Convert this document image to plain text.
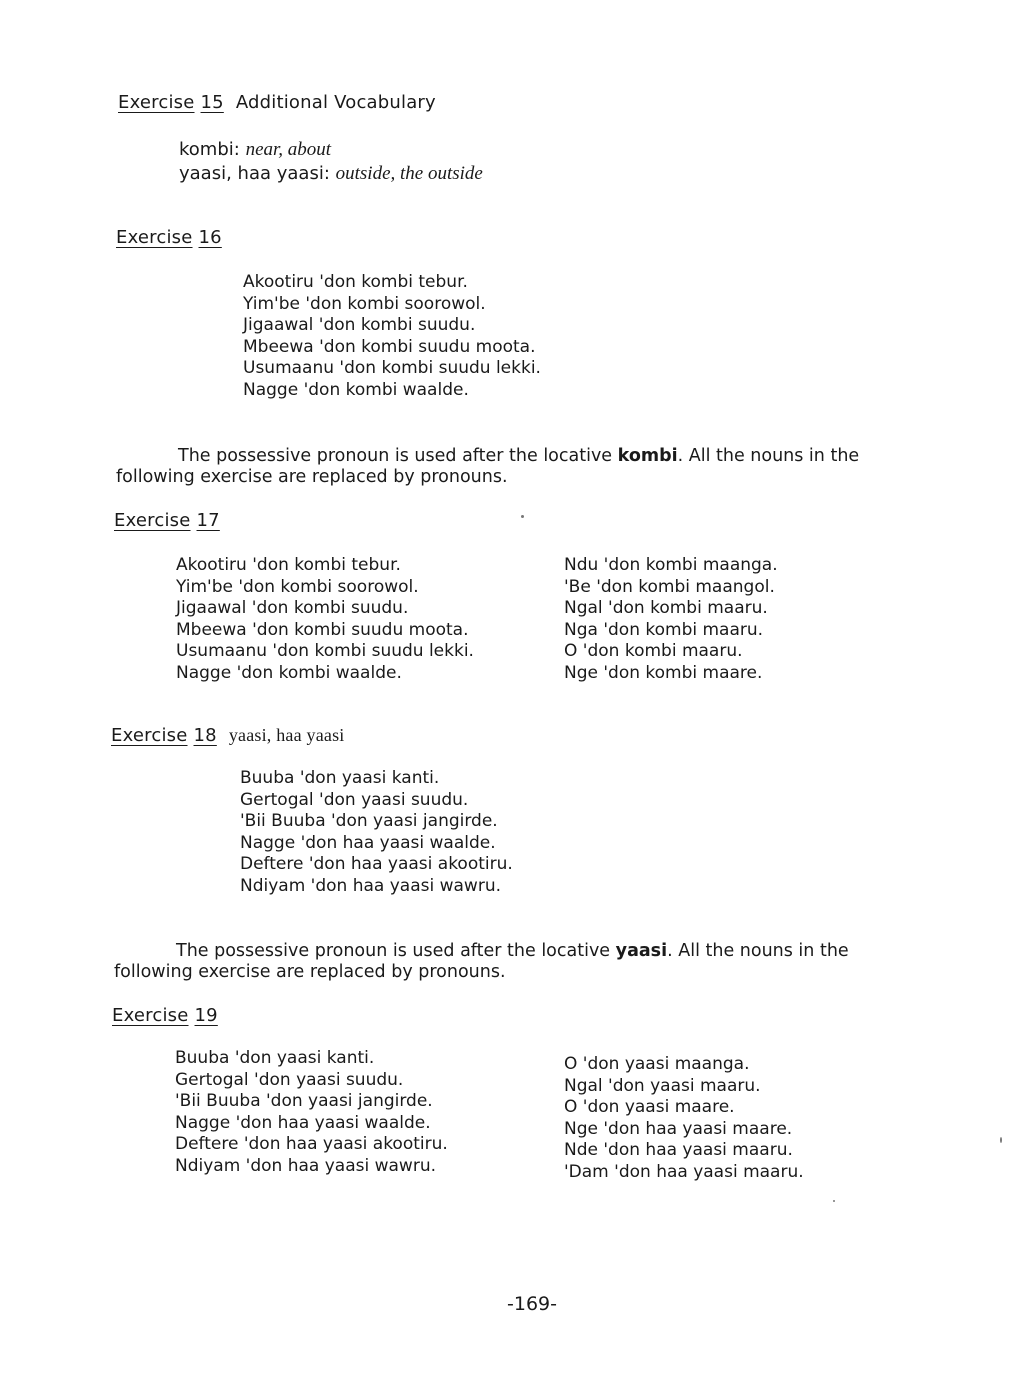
Exercise 15 Additional Vocabulary
kombi: near, about
yaasi, haa yaasi: outside, the outside
Exercise 16
Akootiru 'don kombi tebur.
Yim'be 'don kombi soorowol.
Jigaawal 'don kombi suudu.
Mbeewa 'don kombi suudu moota.
Usumaanu 'don kombi suudu lekki.
Nagge 'don kombi waalde.
The possessive pronoun is used after the locative kombi. All the nouns in the following exercise are replaced by pronouns.
Exercise 17
Akootiru 'don kombi tebur.
Yim'be 'don kombi soorowol.
Jigaawal 'don kombi suudu.
Mbeewa 'don kombi suudu moota.
Usumaanu 'don kombi suudu lekki.
Nagge 'don kombi waalde.
Ndu 'don kombi maanga.
'Be 'don kombi maangol.
Ngal 'don kombi maaru.
Nga 'don kombi maaru.
O 'don kombi maaru.
Nge 'don kombi maare.
Exercise 18 yaasi, haa yaasi
Buuba 'don yaasi kanti.
Gertogal 'don yaasi suudu.
'Bii Buuba 'don yaasi jangirde.
Nagge 'don haa yaasi waalde.
Deftere 'don haa yaasi akootiru.
Ndiyam 'don haa yaasi wawru.
The possessive pronoun is used after the locative yaasi. All the nouns in the following exercise are replaced by pronouns.
Exercise 19
Buuba 'don yaasi kanti.
Gertogal 'don yaasi suudu.
'Bii Buuba 'don yaasi jangirde.
Nagge 'don haa yaasi waalde.
Deftere 'don haa yaasi akootiru.
Ndiyam 'don haa yaasi wawru.
O 'don yaasi maanga.
Ngal 'don yaasi maaru.
O 'don yaasi maare.
Nge 'don haa yaasi maare.
Nde 'don haa yaasi maaru.
'Dam 'don haa yaasi maaru.
-169-
